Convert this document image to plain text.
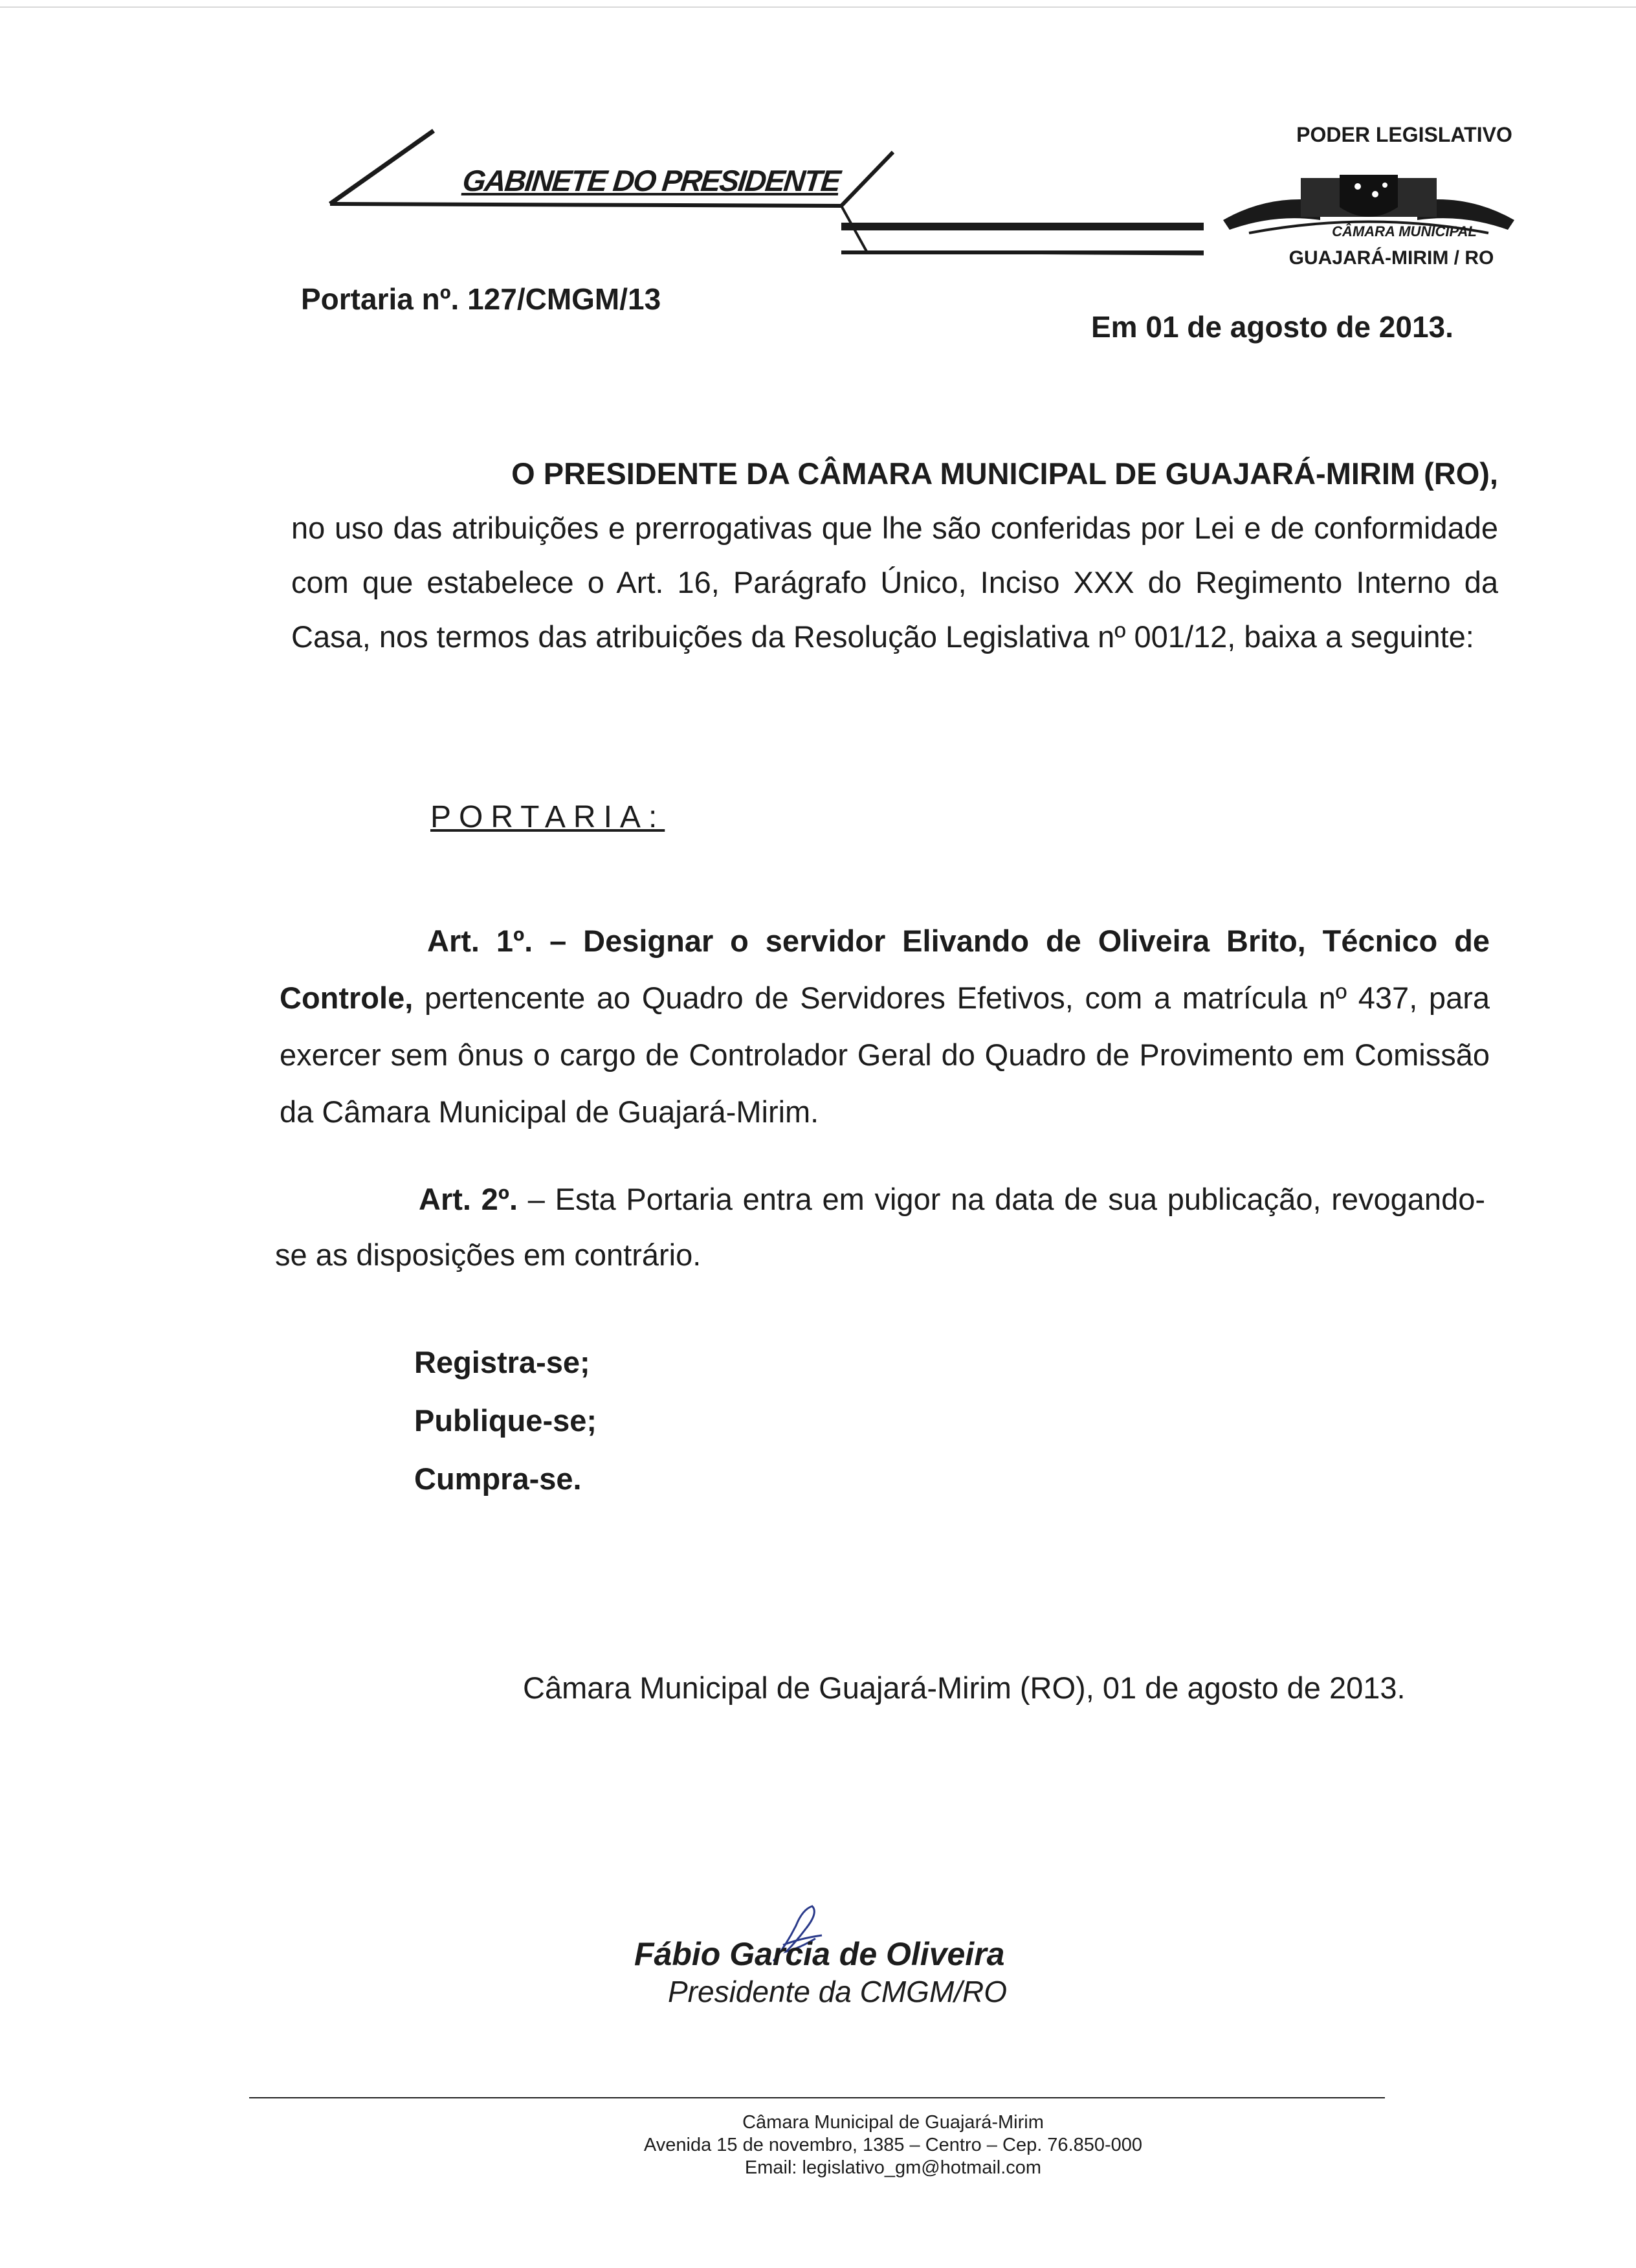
GABINETE DO PRESIDENTE
PODER LEGISLATIVO
CÂMARA MUNICIPAL
GUAJARÁ-MIRIM / RO
Portaria nº. 127/CMGM/13
Em 01 de agosto de 2013.
O PRESIDENTE DA CÂMARA MUNICIPAL DE GUAJARÁ-MIRIM (RO),
no uso das atribuições e prerrogativas que lhe são conferidas por Lei e de conformidade com que estabelece o Art. 16, Parágrafo Único, Inciso XXX do Regimento Interno da Casa, nos termos das atribuições da Resolução Legislativa nº 001/12, baixa a seguinte:
PORTARIA:
Art. 1º. – Designar o servidor Elivando de Oliveira Brito, Técnico de Controle, pertencente ao Quadro de Servidores Efetivos, com a matrícula nº 437, para exercer sem ônus o cargo de Controlador Geral do Quadro de Provimento em Comissão da Câmara Municipal de Guajará-Mirim.
Art. 2º. – Esta Portaria entra em vigor na data de sua publicação, revogando-se as disposições em contrário.
Registra-se;
Publique-se;
Cumpra-se.
Câmara Municipal de Guajará-Mirim (RO), 01 de agosto de 2013.
Fábio Garcia de Oliveira
Presidente da CMGM/RO
Câmara Municipal de Guajará-Mirim
Avenida 15 de novembro, 1385 – Centro – Cep. 76.850-000
Email: legislativo_gm@hotmail.com
